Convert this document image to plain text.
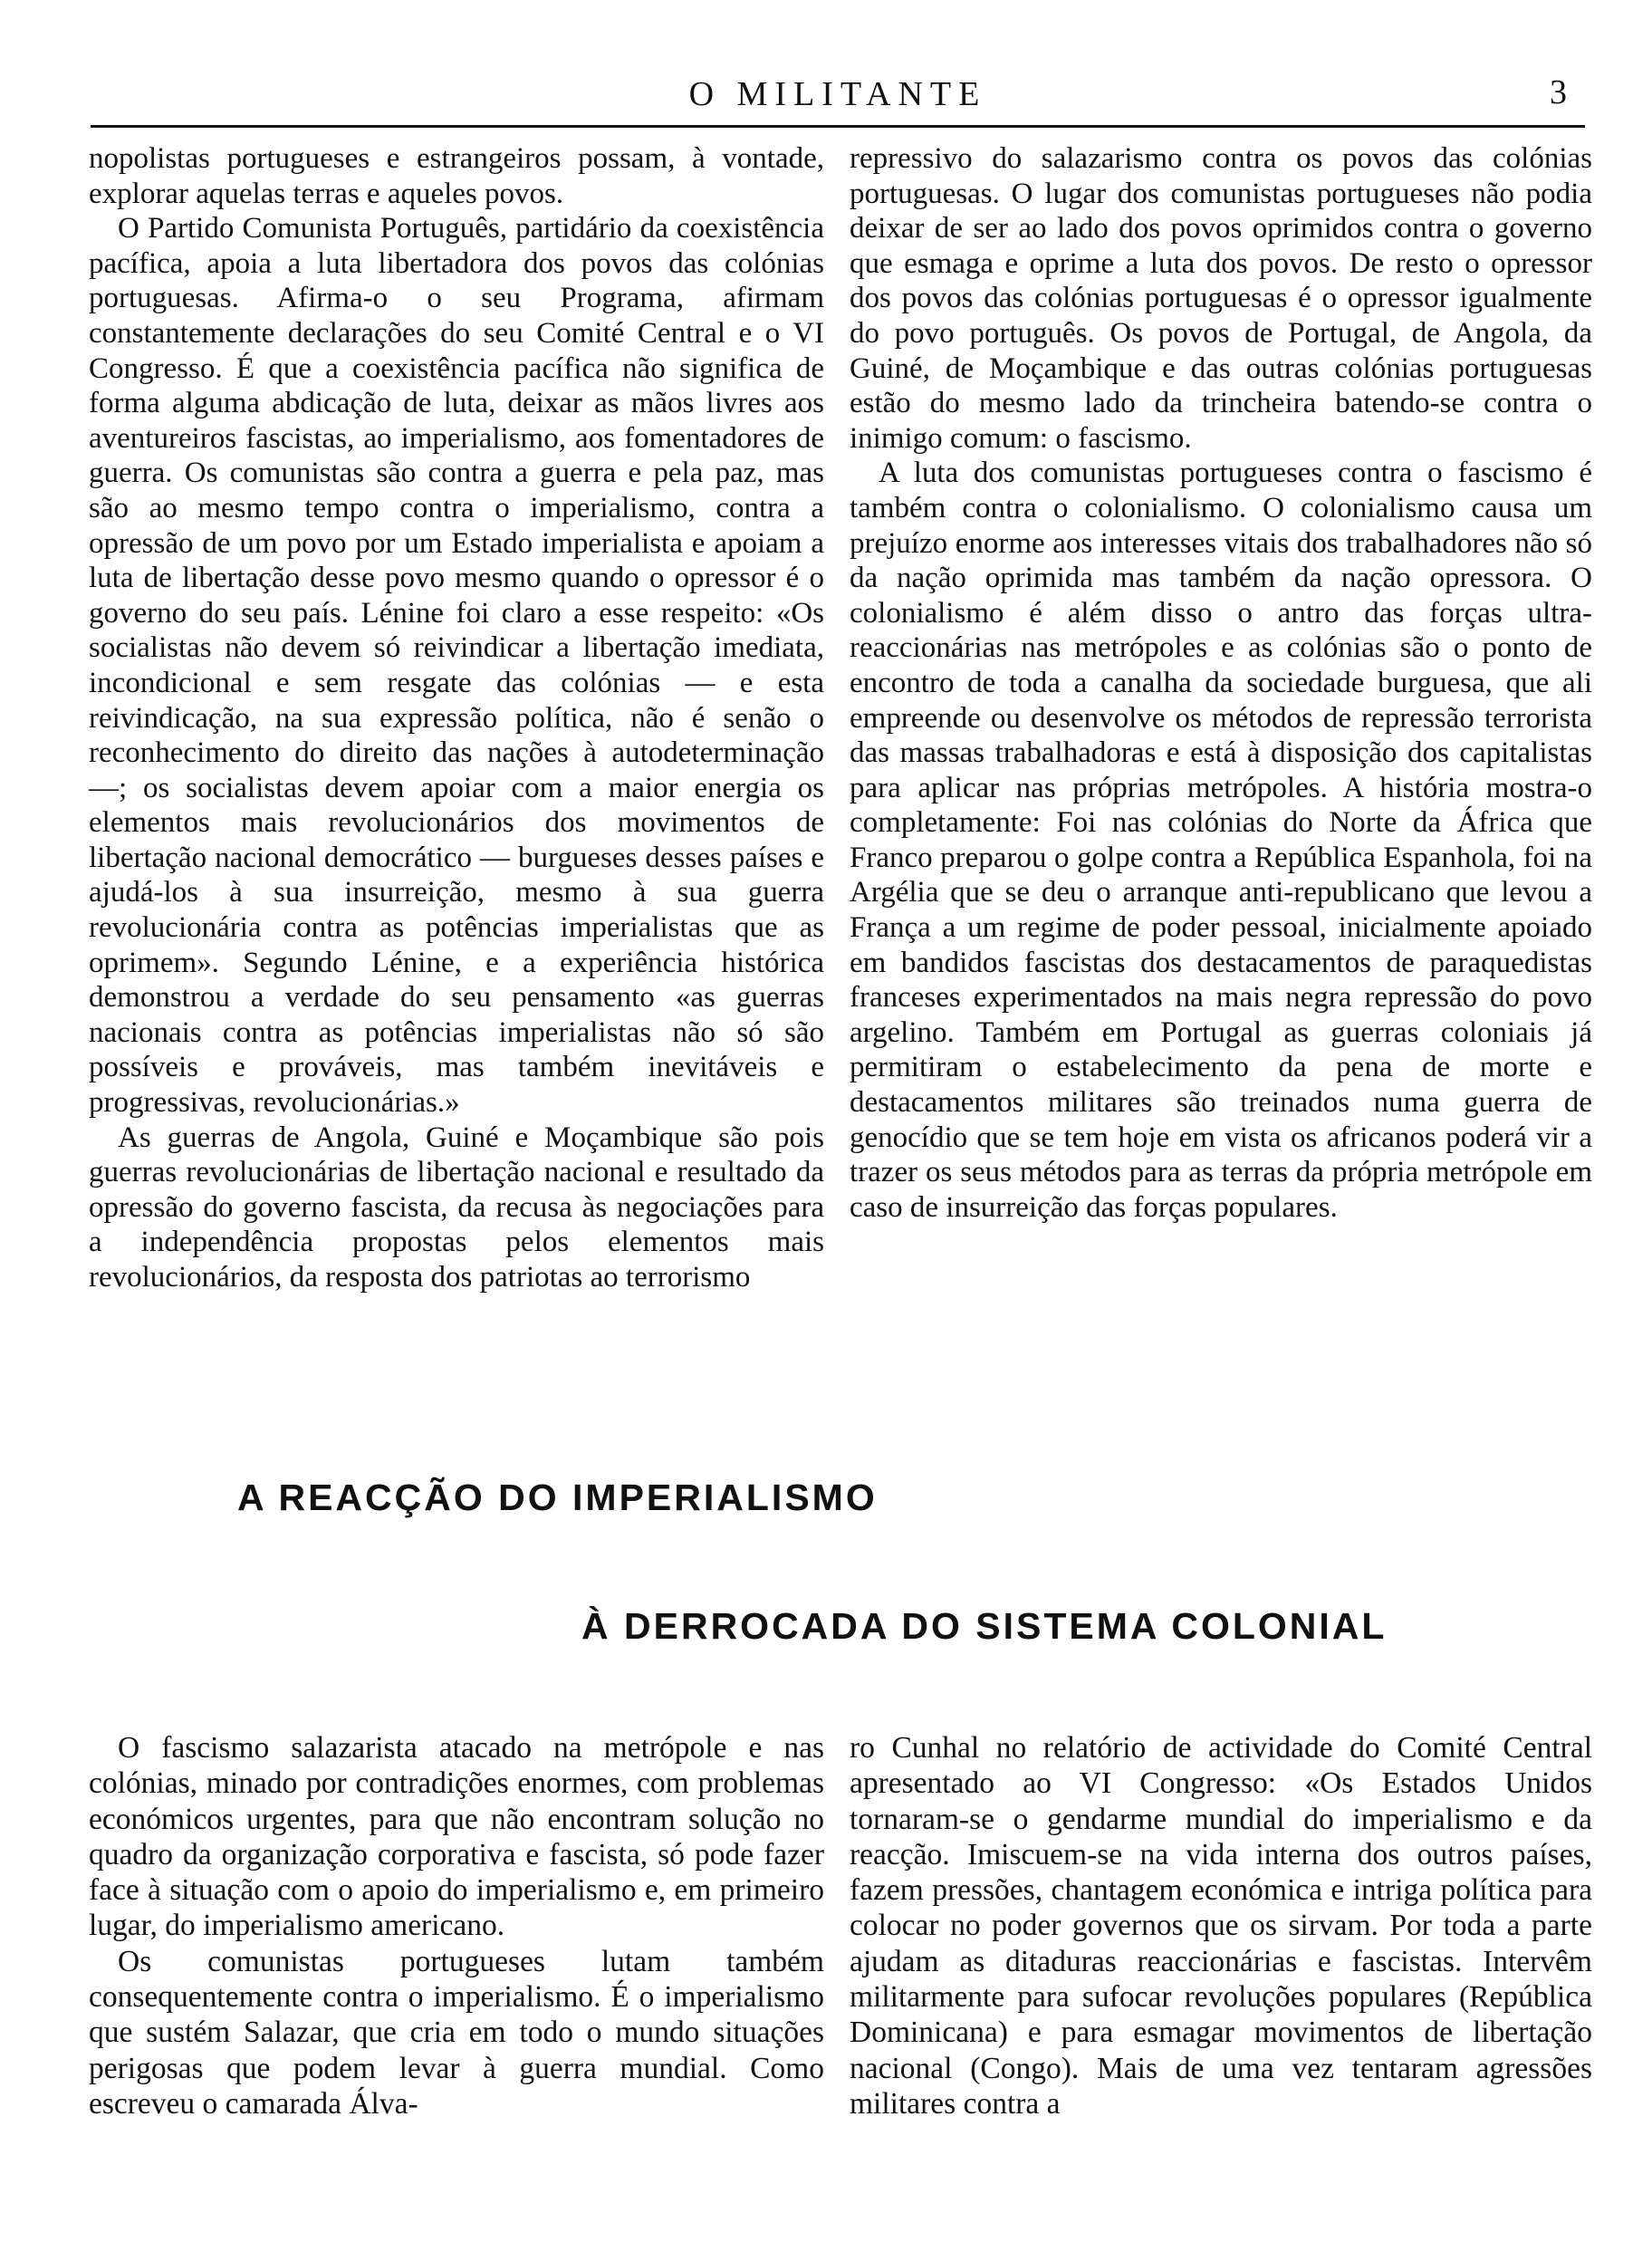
O MILITANTE	3

nopolistas portugueses e estrangeiros possam, à vontade, explorar aquelas terras e aqueles povos.

O Partido Comunista Português, partidário da coexistência pacífica, apoia a luta libertadora dos povos das colónias portuguesas. Afirma-o o seu Programa, afirmam constantemente declarações do seu Comité Central e o VI Congresso. É que a coexistência pacífica não significa de forma alguma abdicação de luta, deixar as mãos livres aos aventureiros fascistas, ao imperialismo, aos fomentadores de guerra. Os comunistas são contra a guerra e pela paz, mas são ao mesmo tempo contra o imperialismo, contra a opressão de um povo por um Estado imperialista e apoiam a luta de libertação desse povo mesmo quando o opressor é o governo do seu país. Lénine foi claro a esse respeito: «Os socialistas não devem só reivindicar a libertação imediata, incondicional e sem resgate das colónias — e esta reivindicação, na sua expressão política, não é senão o reconhecimento do direito das nações à autodeterminação —; os socialistas devem apoiar com a maior energia os elementos mais revolucionários dos movimentos de libertação nacional democrático — burgueses desses países e ajudá-los à sua insurreição, mesmo à sua guerra revolucionária contra as potências imperialistas que as oprimem». Segundo Lénine, e a experiência histórica demonstrou a verdade do seu pensamento «as guerras nacionais contra as potências imperialistas não só são possíveis e prováveis, mas também inevitáveis e progressivas, revolucionárias.»

As guerras de Angola, Guiné e Moçambique são pois guerras revolucionárias de libertação nacional e resultado da opressão do governo fascista, da recusa às negociações para a independência propostas pelos elementos mais revolucionários, da resposta dos patriotas ao terrorismo

repressivo do salazarismo contra os povos das colónias portuguesas. O lugar dos comunistas portugueses não podia deixar de ser ao lado dos povos oprimidos contra o governo que esmaga e oprime a luta dos povos. De resto o opressor dos povos das colónias portuguesas é o opressor igualmente do povo português. Os povos de Portugal, de Angola, da Guiné, de Moçambique e das outras colónias portuguesas estão do mesmo lado da trincheira batendo-se contra o inimigo comum: o fascismo.

A luta dos comunistas portugueses contra o fascismo é também contra o colonialismo. O colonialismo causa um prejuízo enorme aos interesses vitais dos trabalhadores não só da nação oprimida mas também da nação opressora. O colonialismo é além disso o antro das forças ultra-reaccionárias nas metrópoles e as colónias são o ponto de encontro de toda a canalha da sociedade burguesa, que ali empreende ou desenvolve os métodos de repressão terrorista das massas trabalhadoras e está à disposição dos capitalistas para aplicar nas próprias metrópoles. A história mostra-o completamente: Foi nas colónias do Norte da África que Franco preparou o golpe contra a República Espanhola, foi na Argélia que se deu o arranque anti-republicano que levou a França a um regime de poder pessoal, inicialmente apoiado em bandidos fascistas dos destacamentos de paraquedistas franceses experimentados na mais negra repressão do povo argelino. Também em Portugal as guerras coloniais já permitiram o estabelecimento da pena de morte e destacamentos militares são treinados numa guerra de genocídio que se tem hoje em vista os africanos poderá vir a trazer os seus métodos para as terras da própria metrópole em caso de insurreição das forças populares.

A REACÇÃO DO IMPERIALISMO
À DERROCADA DO SISTEMA COLONIAL

O fascismo salazarista atacado na metrópole e nas colónias, minado por contradições enormes, com problemas económicos urgentes, para que não encontram solução no quadro da organização corporativa e fascista, só pode fazer face à situação com o apoio do imperialismo e, em primeiro lugar, do imperialismo americano.

Os comunistas portugueses lutam também consequentemente contra o imperialismo. É o imperialismo que sustém Salazar, que cria em todo o mundo situações perigosas que podem levar à guerra mundial. Como escreveu o camarada Álva-

ro Cunhal no relatório de actividade do Comité Central apresentado ao VI Congresso: «Os Estados Unidos tornaram-se o gendarme mundial do imperialismo e da reacção. Imiscuem-se na vida interna dos outros países, fazem pressões, chantagem económica e intriga política para colocar no poder governos que os sirvam. Por toda a parte ajudam as ditaduras reaccionárias e fascistas. Intervêm militarmente para sufocar revoluções populares (República Dominicana) e para esmagar movimentos de libertação nacional (Congo). Mais de uma vez tentaram agressões militares contra a
